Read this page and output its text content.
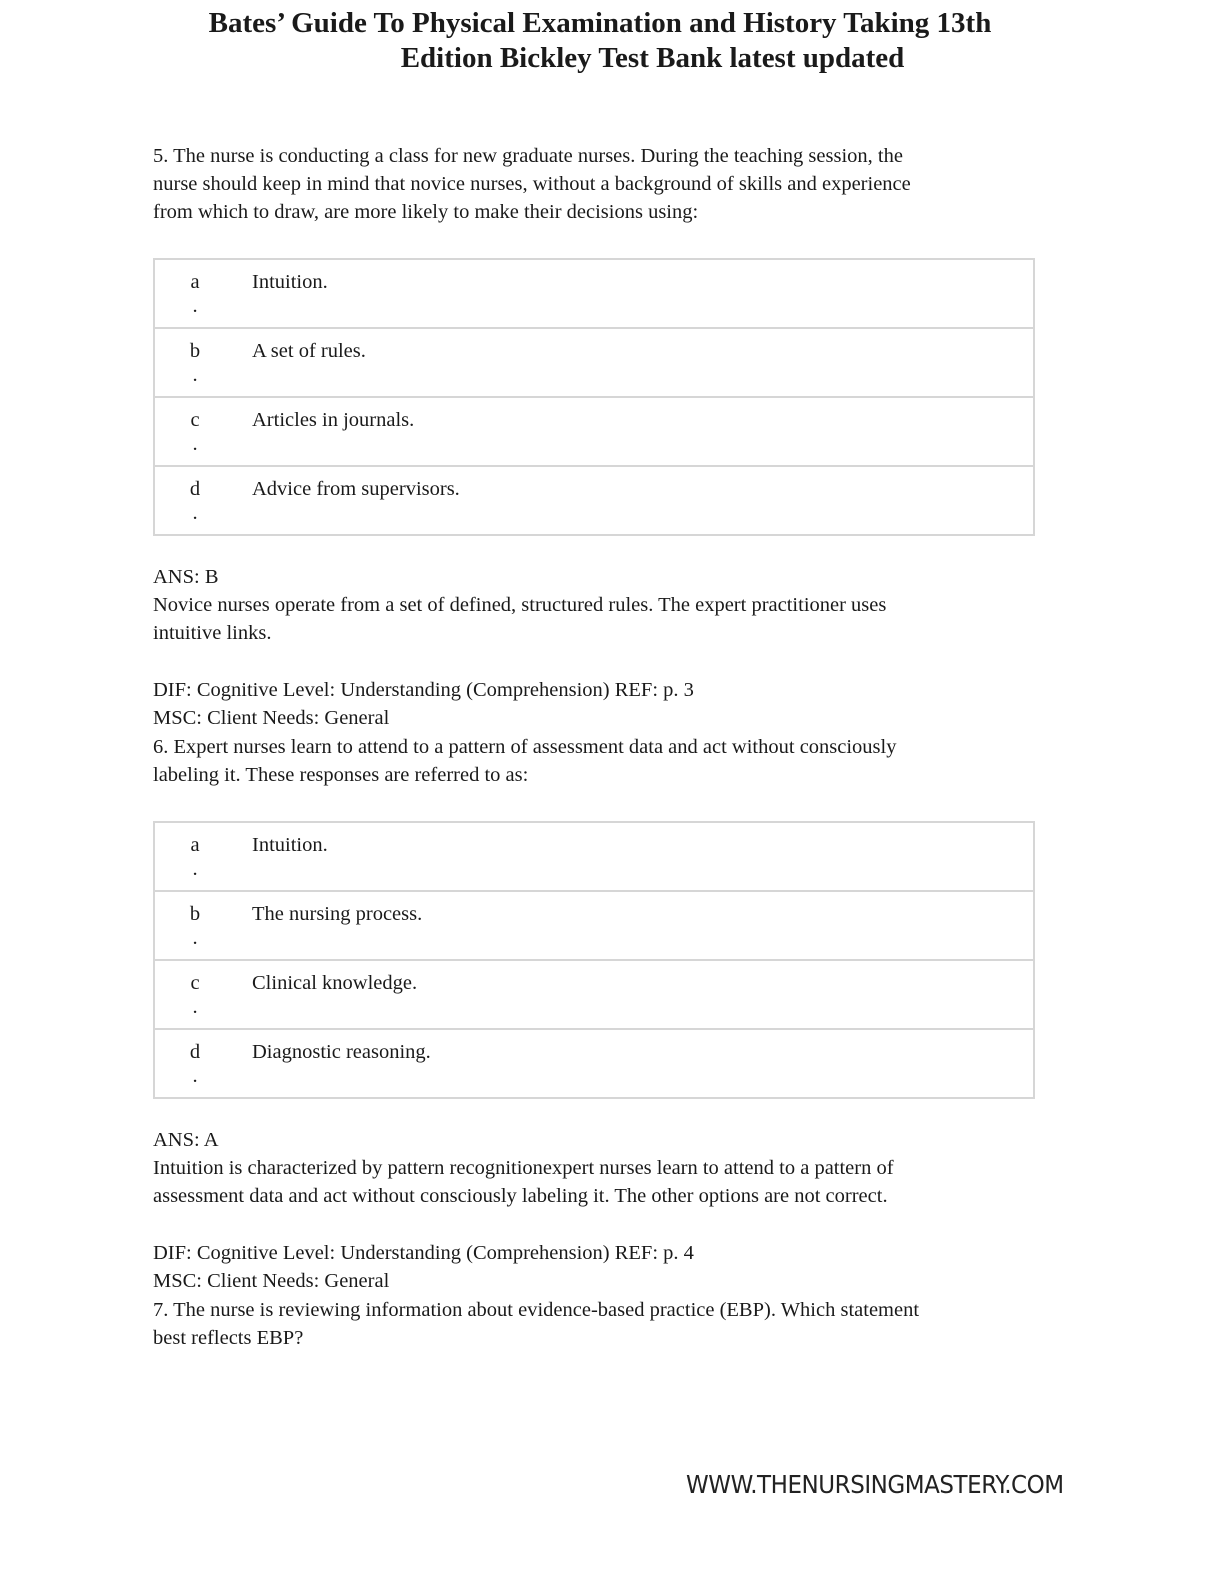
Bates’ Guide To Physical Examination and History Taking 13th
Edition Bickley Test Bank latest updated

5. The nurse is conducting a class for new graduate nurses. During the teaching session, the

nurse should keep in mind that novice nurses, without a background of skills and experience

from which to draw, are more likely to make their decisions using:

a
.
Intuition.
b
.
A set of rules.
c
.
Articles in journals.
d
.
Advice from supervisors.

ANS: B

Novice nurses operate from a set of defined, structured rules. The expert practitioner uses

intuitive links.

DIF: Cognitive Level: Understanding (Comprehension) REF: p. 3

MSC: Client Needs: General

6. Expert nurses learn to attend to a pattern of assessment data and act without consciously

labeling it. These responses are referred to as:

a
.
Intuition.
b
.
The nursing process.
c
.
Clinical knowledge.
d
.
Diagnostic reasoning.

ANS: A

Intuition is characterized by pattern recognitionexpert nurses learn to attend to a pattern of

assessment data and act without consciously labeling it. The other options are not correct.

DIF: Cognitive Level: Understanding (Comprehension) REF: p. 4

MSC: Client Needs: General

7. The nurse is reviewing information about evidence-based practice (EBP). Which statement

best reflects EBP?

WWW.THENURSINGMASTERY.COM
